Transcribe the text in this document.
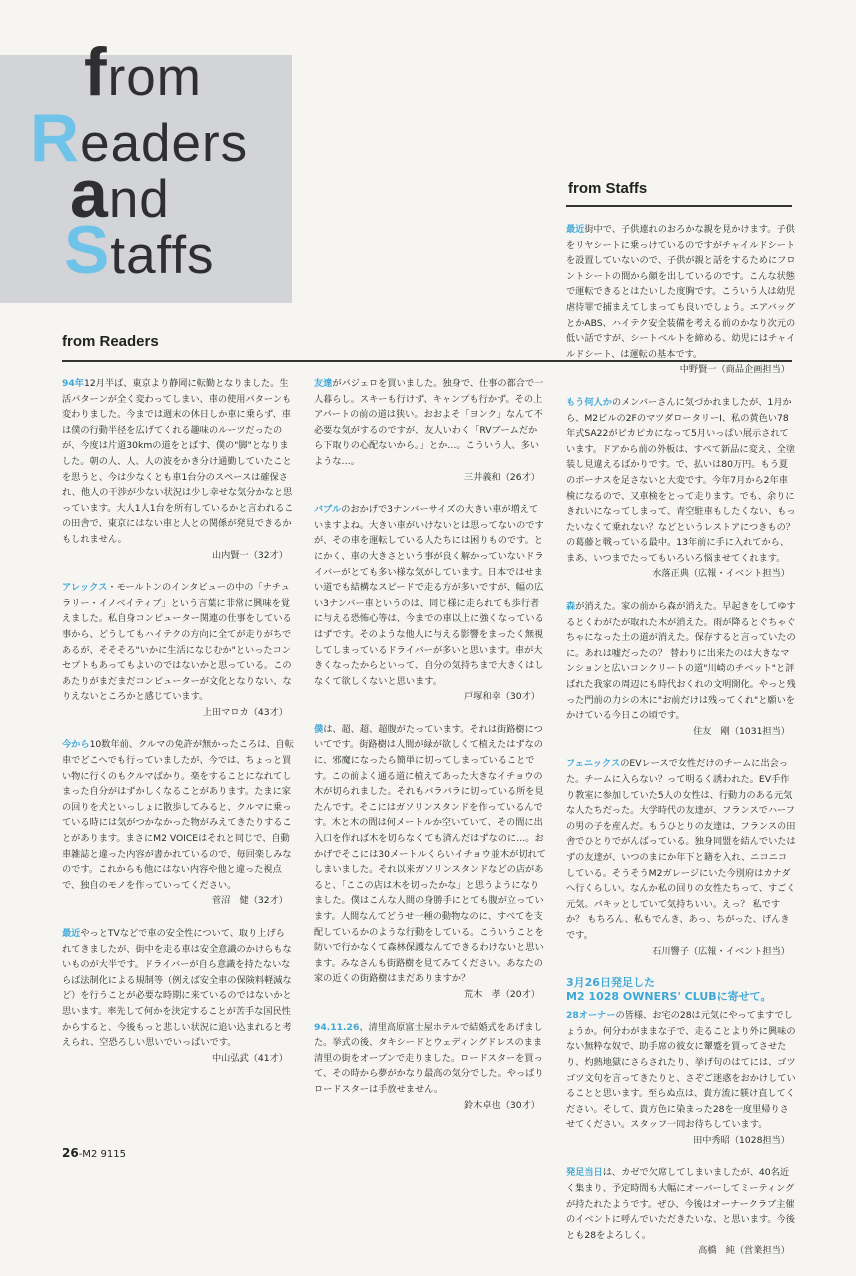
from
Readers
and
Staffs
from Readers
from Staffs

94年12月半ば、東京より静岡に転勤となりました。生活パターンが全く変わってしまい、車の使用パターンも変わりました。今までは週末の休日しか車に乗らず、車は僕の行動半径を広げてくれる趣味のルーツだったのが、今度は片道30kmの道をとばす、僕の"脚"となりました。朝の人、人、人の波をかき分け通勤していたことを思うと、今は少なくとも車1台分のスペースは確保され、他人の干渉が少ない状況は少し幸せな気分かなと思っています。大人1人1台を所有しているかと言われるこの田舎で、東京にはない車と人との関係が発見できるかもしれません。

山内賢一（32才）

アレックス・モールトンのインタビューの中の「ナチュラリー・イノベイティブ」という言葉に非常に興味を覚えました。私自身コンピューター関連の仕事をしている事から、どうしてもハイテクの方向に全てが走りがちであるが、そそそろ"いかに生活になじむか"といったコンセプトもあってもよいのではないかと思っている。このあたりがまだまだコンピューターが文化となりない、なりえないところかと感じています。

上田マロカ（43才）

今から10数年前、クルマの免許が無かったころは、自転車でどこへでも行っていましたが、今では、ちょっと買い物に行くのもクルマばかり。楽をすることになれてしまった自分がはずかしくなることがあります。たまに家の回りを犬といっしょに散歩してみると、クルマに乗っている時には気がつかなかった物がみえてきたりすることがあります。まさにM2 VOICEはそれと同じで、自動車雑誌と違った内容が書かれているので、毎回楽しみなのです。これからも他にはない内容や他と違った視点で、独自のモノを作っていってください。

菅沼　健（32才）

最近やっとTVなどで車の安全性について、取り上げられてきましたが、街中を走る車は安全意識のかけらもないものが大半です。ドライバーが自ら意識を持たないならば法制化による規制等（例えば安全車の保険料軽減など）を行うことが必要な時期に来ているのではないかと思います。率先して何かを決定することが苦手な国民性からすると、今後もっと悲しい状況に追い込まれると考えられ、空恐ろしい思いでいっぱいです。

中山弘武（41才）

友達がパジェロを買いました。独身で、仕事の都合で一人暮らし。スキーも行けず、キャンプも行かず。その上アパートの前の道は狭い。おおよそ「ヨンク」なんて不必要な気がするのですが、友人いわく「RVブームだから下取りの心配ないから。」とか…。こういう人、多いような…。

三井義和（26才）

バブルのおかげで3ナンバーサイズの大きい車が増えていますよね。大きい車がいけないとは思ってないのですが、その車を運転している人たちには困りものです。とにかく、車の大きさという事が良く解かっていないドライバーがとても多い様な気がしています。日本ではせまい道でも結構なスピードで走る方が多いですが、幅の広い3ナンバー車というのは、同じ様に走られても歩行者に与える恐怖心等は、今までの車以上に強くなっているはずです。そのような他人に与える影響をまったく無視してしまっているドライバーが多いと思います。車が大きくなったからといって、自分の気持ちまで大きくはしなくて欲しくないと思います。

戸塚和幸（30才）

僕は、超、超、超腹がたっています。それは街路樹についてです。街路樹は人間が緑が欲しくて植えたはずなのに、邪魔になったら簡単に切ってしまっていることです。この前よく通る道に植えてあった大きなイチョウの木が切られました。それもバラバラに切っている所を見たんです。そこにはガソリンスタンドを作っているんです。木と木の間は何メートルか空いていて、その間に出入口を作れば木を切らなくても済んだはずなのに…。おかげでそこには30メートルくらいイチョウ並木が切れてしまいました。それ以来ガソリンスタンドなどの店があると、「ここの店は木を切ったかな」と思うようになりました。僕はこんな人間の身勝手にとても腹が立っています。人間なんてどうせ一種の動物なのに、すべてを支配しているかのような行動をしている。こういうことを防いで行かなくて森林保護なんてできるわけないと思います。みなさんも街路樹を見てみてください。あなたの家の近くの街路樹はまだありますか？

荒木　孝（20才）

94.11.26、清里高原富士屋ホテルで結婚式をあげました。挙式の後、タキシードとウェディングドレスのまま清里の街をオープンで走りました。ロードスターを買って、その時から夢がかなり最高の気分でした。やっぱりロードスターは手放せません。

鈴木卓也（30才）

最近街中で、子供連れのおろかな親を見かけます。子供をリヤシートに乗っけているのですがチャイルドシートを設置していないので、子供が親と話をするためにフロントシートの間から顔を出しているのです。こんな状態で運転できるとはたいした度胸です。こういう人は幼児虐待罪で捕まえてしまっても良いでしょう。エアバッグとかABS、ハイテク安全装備を考える前のかなり次元の低い話ですが、シートベルトを締める、幼児にはチャイルドシート、は運転の基本です。

中野賢一（商品企画担当）

もう何人かのメンバーさんに気づかれましたが、1月から、M2ビルの2FのマツダロータリーI、私の黄色い78年式SA22がピカピカになって5月いっぱい展示されています。ドアから前の外板は、すべて新品に変え、全塗装し見違えるばかりです。で、払いは80万円。もう夏のボーナスを足さないと大変です。今年7月から2年車検になるので、又車検をとって走ります。でも、余りにきれいになってしまって、青空駐車もしたくない、もったいなくて乗れない？などというレストアにつきもの？の葛藤と戦っている最中。13年前に手に入れてから、まあ、いつまでたってもいろいろ悩ませてくれます。

水落正典（広報・イベント担当）

森が消えた。家の前から森が消えた。早起きをしてゆするとくわがたが取れた木が消えた。雨が降るとぐちゃぐちゃになった土の道が消えた。保存すると言っていたのに。あれは嘘だったの？ 替わりに出来たのは大きなマンションと広いコンクリートの道"川崎のチベット"と評ばれた我家の周辺にも時代おくれの文明開化。やっと残った門前の力シの木に"お前だけは残ってくれ"と願いをかけている今日この頃です。

住友　剛（1031担当）

フェニックスのEVレースで女性だけのチームに出会った。チームに入らない？って明るく誘われた。EV手作り教室に参加していた5人の女性は、行動力のある元気な人たちだった。大学時代の友達が、フランスでハーフの男の子を産んだ。もうひとりの友達は、フランスの田舎でひとりでがんばっている。独身同盟を結んでいたはずの友達が、いつのまにか年下と籍を入れ、ニコニコしている。そうそうM2ガレージにいた今別府はカナダへ行くらしい。なんか私の回りの女性たちって、すごく元気。パキッとしていて気持ちいい。えっ？ 私ですか？ もちろん、私もでんき、あっ、ちがった、げんきです。

石川響子（広報・イベント担当）
3月26日発足した
M2 1028 OWNERS' CLUBに寄せて。

28オーナーの皆様、お宅の28は元気にやってますでしょうか。何分わがままな子で、走ることより外に興味のない無粋な奴で、助手席の彼女に顰蹙を買ってさせたり、灼熱地獄にさらされたり、挙げ句のはてには、ゴツゴツ文句を言ってきたりと、さぞご迷惑をおかけしていることと思います。至らぬ点は、貴方流に躾け直してください。そして、貴方色に染まった28を一度里帰りさせてください。スタッフ一同お待ちしています。

田中秀昭（1028担当）

発足当日は、カゼで欠席してしまいましたが、40名近く集まり、予定時間も大幅にオーバーしてミーティングが持たれたようです。ぜひ、今後はオーナークラブ主催のイベントに呼んでいただきたいな、と思います。今後とも28をよろしく。

高橋　純（営業担当）
26-M2 9115
